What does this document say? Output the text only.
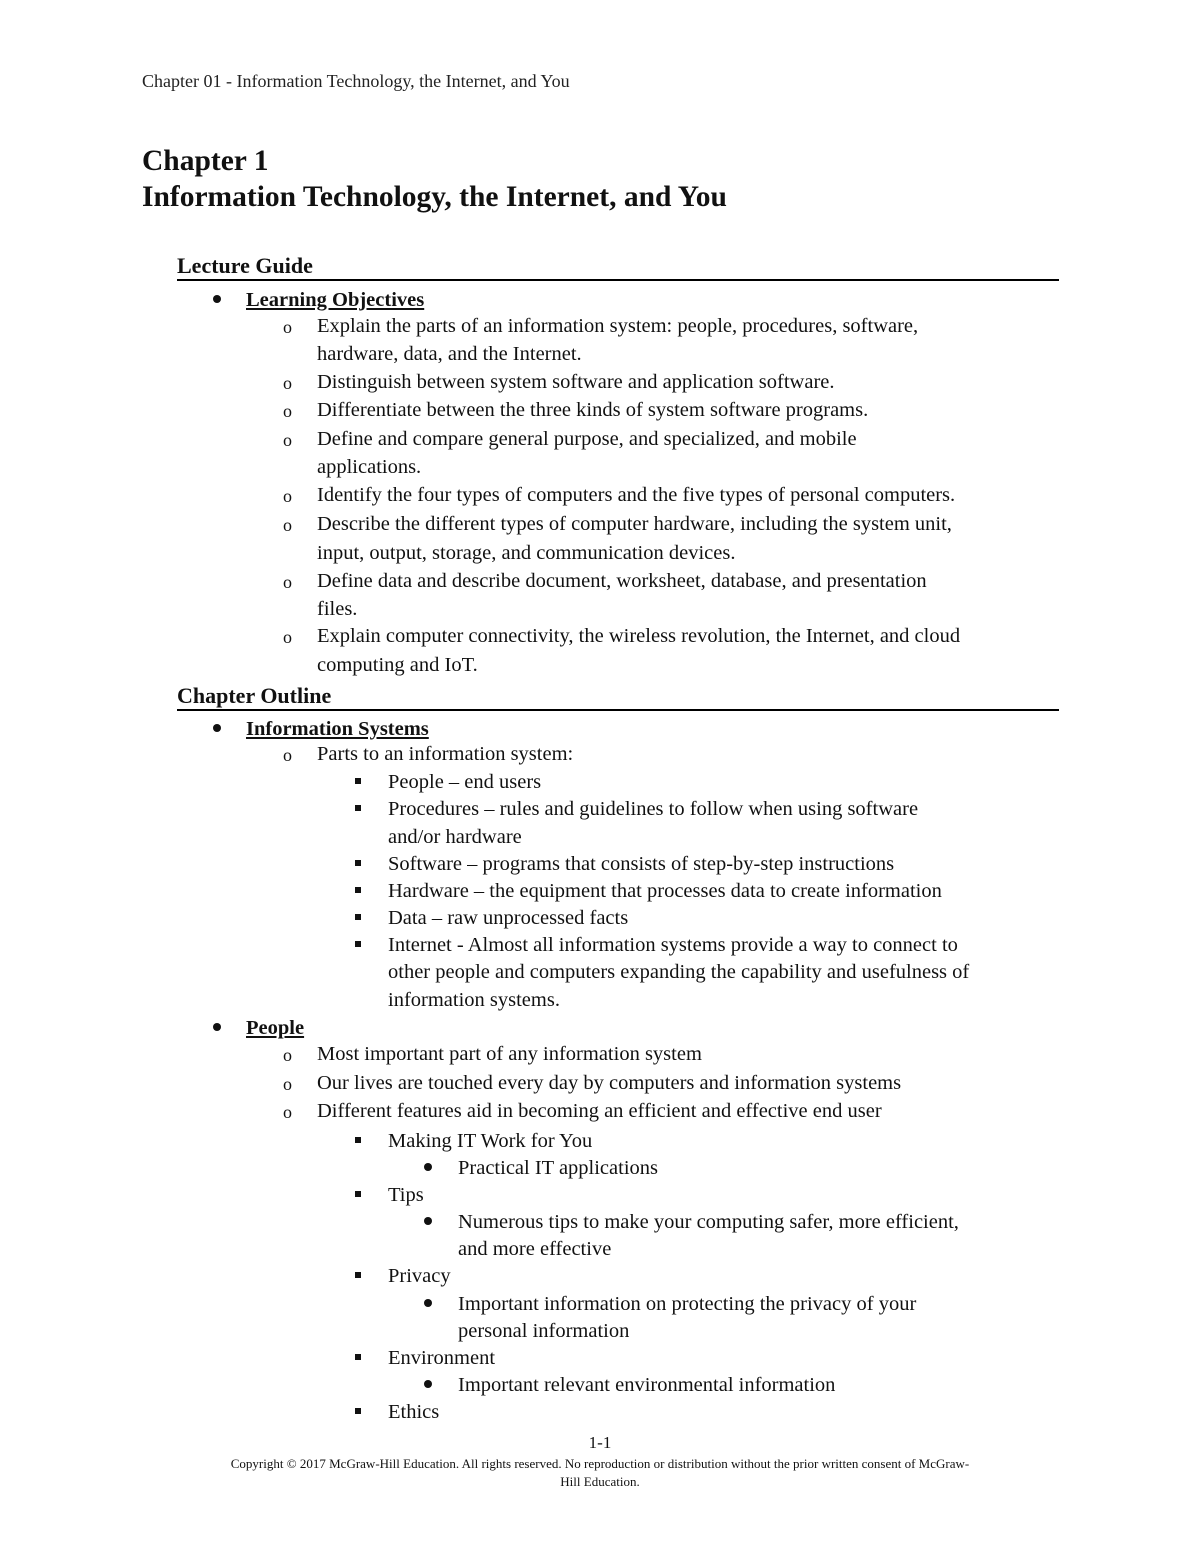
Chapter 01 - Information Technology, the Internet, and You
Chapter 1
Information Technology, the Internet, and You
Lecture Guide
Learning Objectives
o Explain the parts of an information system: people, procedures, software,
hardware, data, and the Internet.
o Distinguish between system software and application software.
o Differentiate between the three kinds of system software programs.
o Define and compare general purpose, and specialized, and mobile
applications.
o Identify the four types of computers and the five types of personal computers.
o Describe the different types of computer hardware, including the system unit,
input, output, storage, and communication devices.
o Define data and describe document, worksheet, database, and presentation
files.
o Explain computer connectivity, the wireless revolution, the Internet, and cloud
computing and IoT.
Chapter Outline
Information Systems
o Parts to an information system:
People – end users
Procedures – rules and guidelines to follow when using software
and/or hardware
Software – programs that consists of step-by-step instructions
Hardware – the equipment that processes data to create information
Data – raw unprocessed facts
Internet - Almost all information systems provide a way to connect to
other people and computers expanding the capability and usefulness of
information systems.
People
o Most important part of any information system
o Our lives are touched every day by computers and information systems
o Different features aid in becoming an efficient and effective end user
Making IT Work for You
Practical IT applications
Tips
Numerous tips to make your computing safer, more efficient,
and more effective
Privacy
Important information on protecting the privacy of your
personal information
Environment
Important relevant environmental information
Ethics
1-1
Copyright © 2017 McGraw-Hill Education. All rights reserved. No reproduction or distribution without the prior written consent of McGraw-
Hill Education.
